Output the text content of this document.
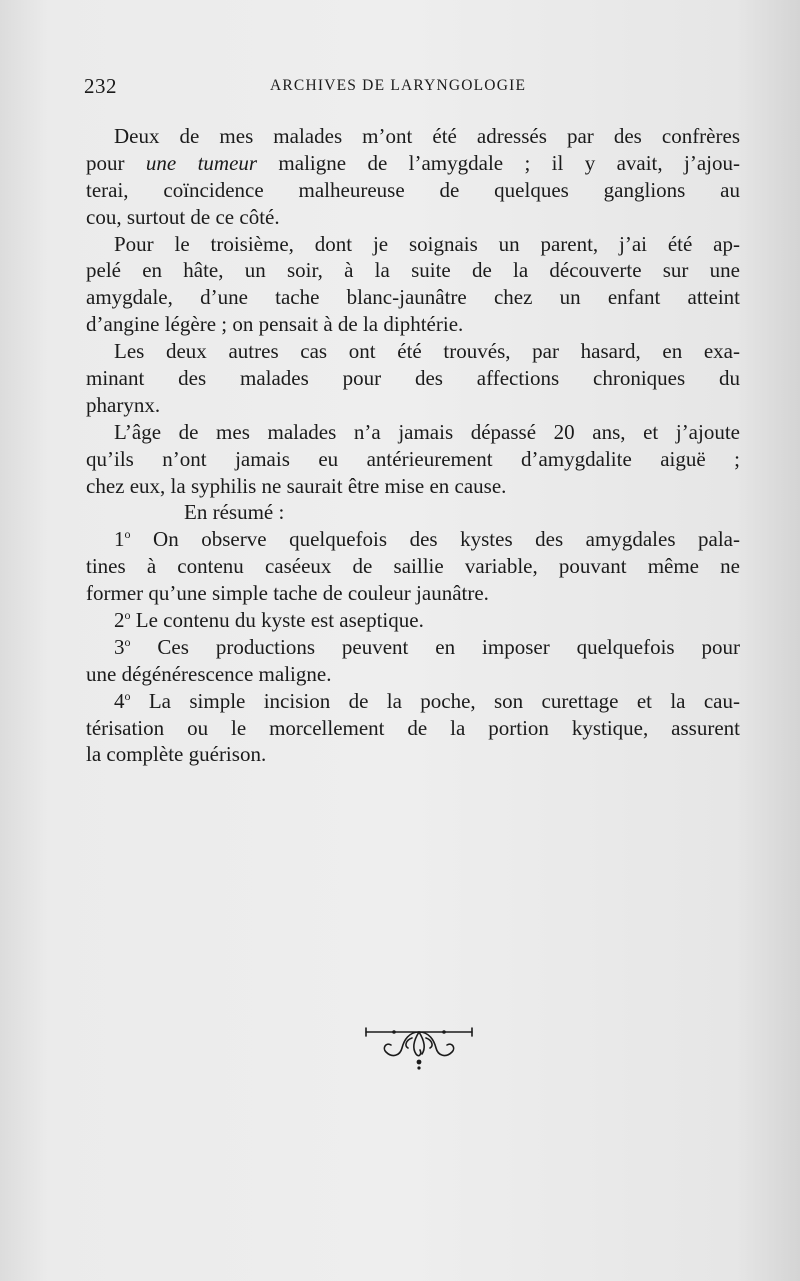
232	ARCHIVES DE LARYNGOLOGIE
Deux de mes malades m’ont été adressés par des confrères
pour une tumeur maligne de l’amygdale ; il y avait, j’ajou-
terai, coïncidence malheureuse de quelques ganglions au
cou, surtout de ce côté.
Pour le troisième, dont je soignais un parent, j’ai été ap-
pelé en hâte, un soir, à la suite de la découverte sur une
amygdale, d’une tache blanc-jaunâtre chez un enfant atteint
d’angine légère ; on pensait à de la diphtérie.
Les deux autres cas ont été trouvés, par hasard, en exa-
minant des malades pour des affections chroniques du
pharynx.
L’âge de mes malades n’a jamais dépassé 20 ans, et j’ajoute
qu’ils n’ont jamais eu antérieurement d’amygdalite aiguë ;
chez eux, la syphilis ne saurait être mise en cause.
En résumé :
1$^o$ On observe quelquefois des kystes des amygdales pala-
tines à contenu caséeux de saillie variable, pouvant même ne
former qu’une simple tache de couleur jaunâtre.
2$^o$ Le contenu du kyste est aseptique.
3$^o$ Ces productions peuvent en imposer quelquefois pour
une dégénérescence maligne.
4$^o$ La simple incision de la poche, son curettage et la cau-
térisation ou le morcellement de la portion kystique, assurent
la complète guérison.
